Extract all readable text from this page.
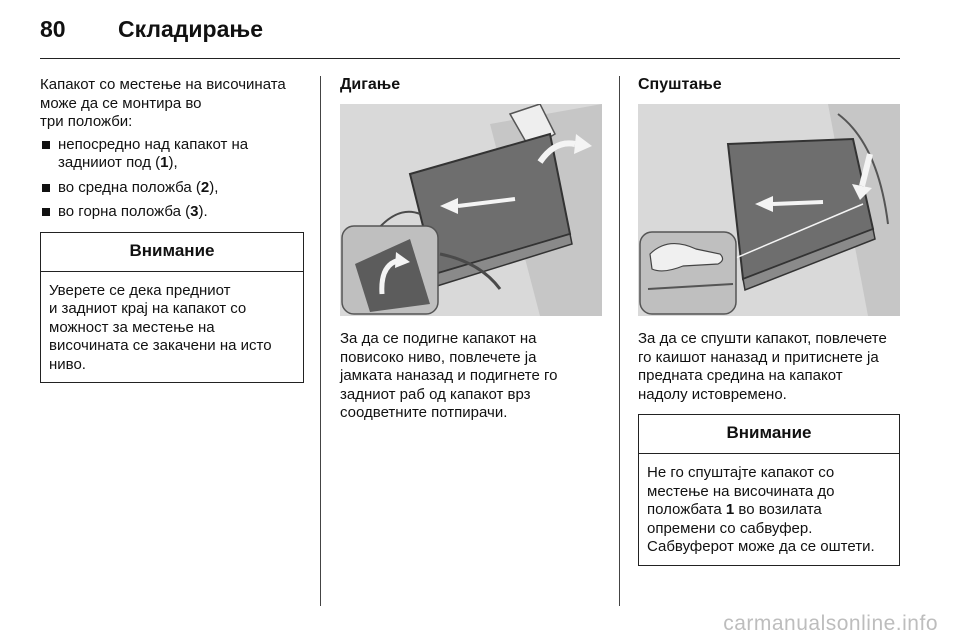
80	Складирање

Капакот со местење на височината
може да се монтира во
три положби:

непосредно над капакот на заднииот под (1),
во средна положба (2),
во горна положба (3).
Внимание
Уверете се дека предниот
и задниот крај на капакот со
можност за местење на
височината се закачени на исто
ниво.
Дигање
За да се подигне капакот на
повисоко ниво, повлечете ја
јамката наназад и подигнете го
задниот раб од капакот врз
соодветните потпирачи.
Спуштање
За да се спушти капакот, повлечете
го каишот наназад и притиснете ја
предната средина на капакот
надолу истовремено.
Внимание
Не го спуштајте капакот со
местење на височината до
положбата 1 во возилата
опремени со сабвуфер.
Сабвуферот може да се оштети.
carmanualsonline.info
